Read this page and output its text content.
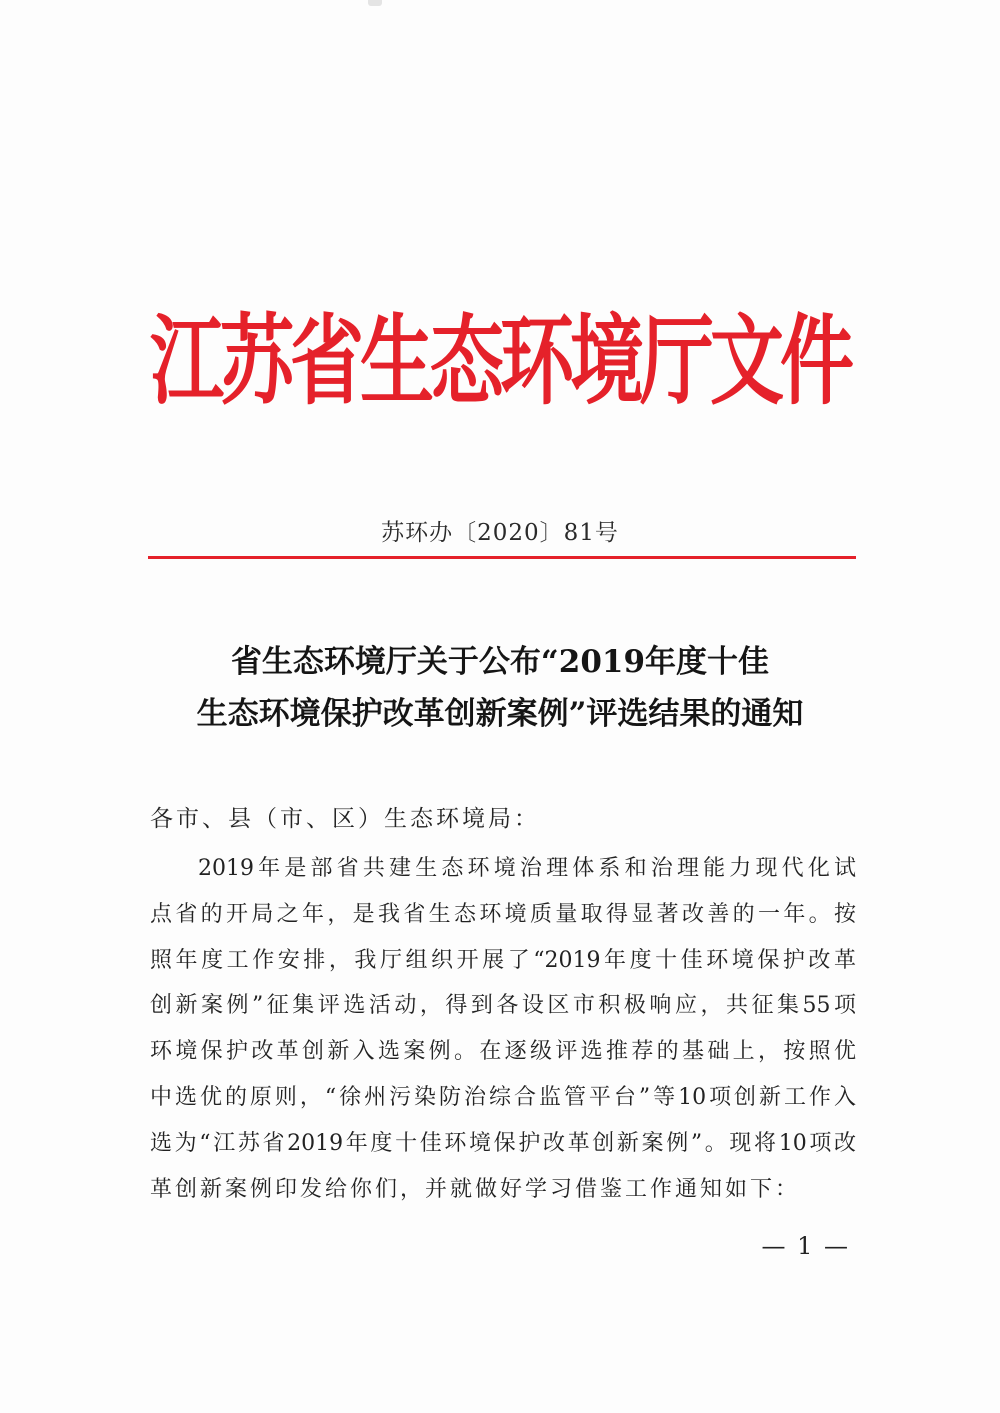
江
苏
省
生
态
环
境
厅
文
件
苏环办〔2020〕81号
省生态环境厅关于公布“2019年度十佳
生态环境保护改革创新案例”评选结果的通知
各市、县（市、区）生态环境局：
2019年是部省共建生态环境治理体系和治理能力现代化试
点省的开局之年，是我省生态环境质量取得显著改善的一年。按
照年度工作安排，我厅组织开展了“2019年度十佳环境保护改革
创新案例”征集评选活动，得到各设区市积极响应，共征集55项
环境保护改革创新入选案例。在逐级评选推荐的基础上，按照优
中选优的原则，“徐州污染防治综合监管平台”等10项创新工作入
选为“江苏省2019年度十佳环境保护改革创新案例”。现将10项改
革创新案例印发给你们，并就做好学习借鉴工作通知如下：
— 1 —
